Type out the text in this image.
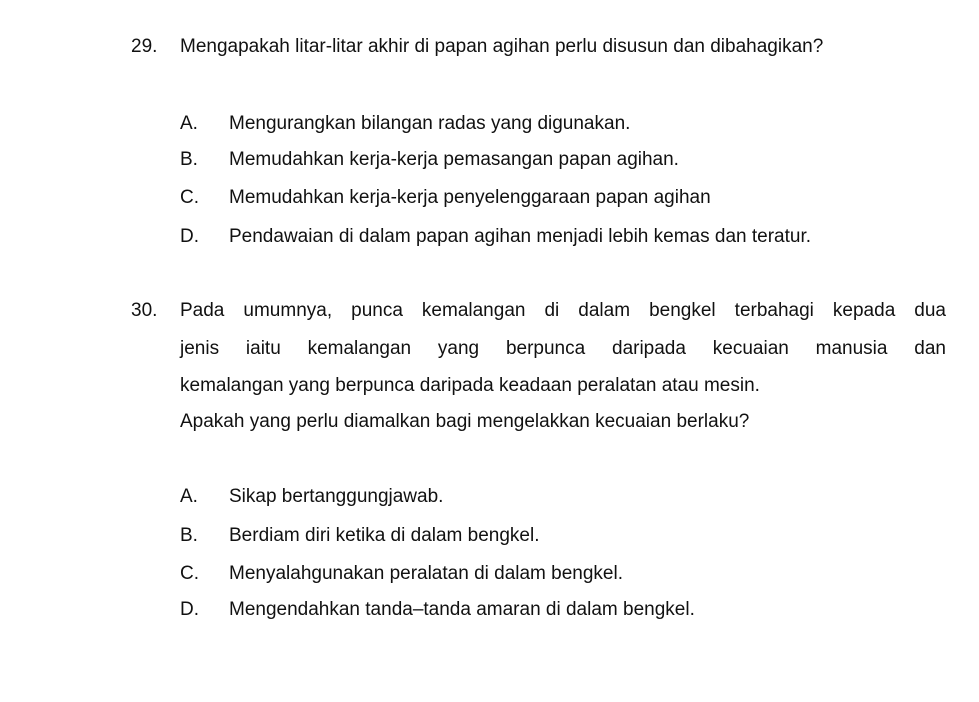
29. Mengapakah litar-litar akhir di papan agihan perlu disusun dan dibahagikan?
A. Mengurangkan bilangan radas yang digunakan.
B. Memudahkan kerja-kerja pemasangan papan agihan.
C. Memudahkan kerja-kerja penyelenggaraan papan agihan
D. Pendawaian di dalam papan agihan menjadi lebih kemas dan teratur.
30. Pada umumnya, punca kemalangan di dalam bengkel terbahagi kepada dua
jenis iaitu kemalangan yang berpunca daripada kecuaian manusia dan
kemalangan yang berpunca daripada keadaan peralatan atau mesin.
Apakah yang perlu diamalkan bagi mengelakkan kecuaian berlaku?
A. Sikap bertanggungjawab.
B. Berdiam diri ketika di dalam bengkel.
C. Menyalahgunakan peralatan di dalam bengkel.
D. Mengendahkan tanda–tanda amaran di dalam bengkel.
